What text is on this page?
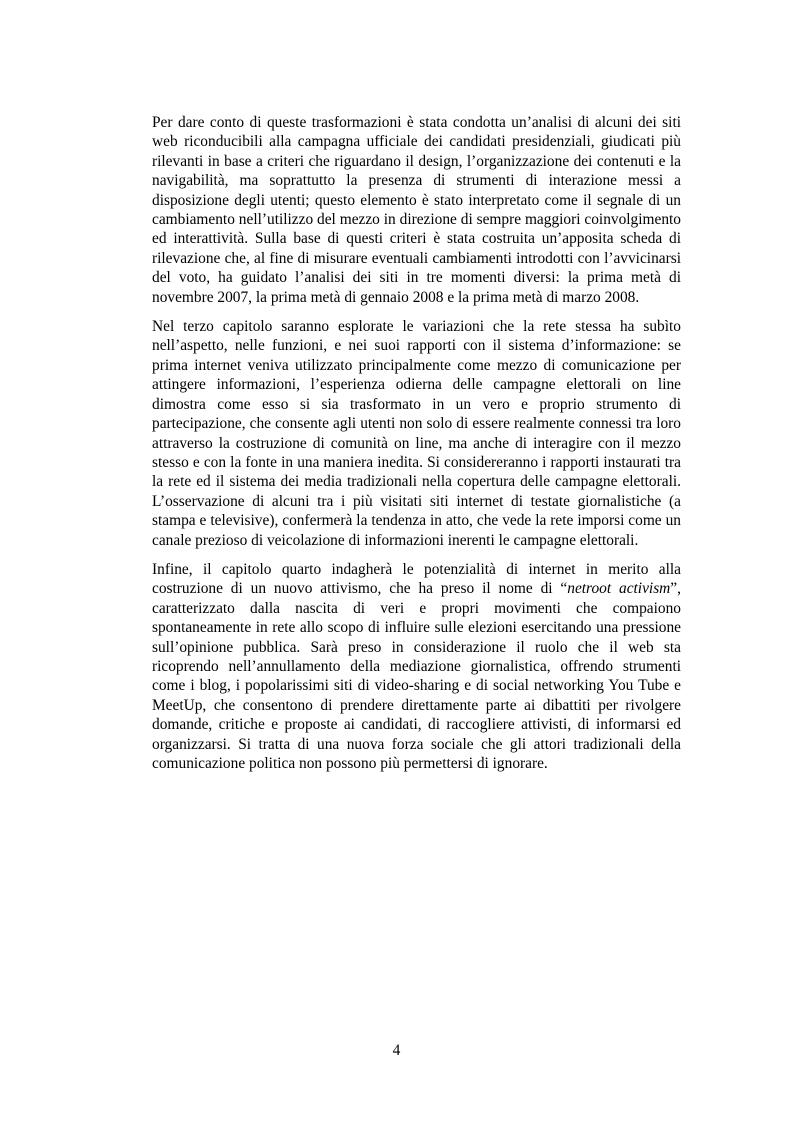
Per dare conto di queste trasformazioni è stata condotta un’analisi di alcuni dei siti web riconducibili alla campagna ufficiale dei candidati presidenziali, giudicati più rilevanti in base a criteri che riguardano il design, l’organizzazione dei contenuti e la navigabilità, ma soprattutto la presenza di strumenti di interazione messi a disposizione degli utenti; questo elemento è stato interpretato come il segnale di un cambiamento nell’utilizzo del mezzo in direzione di sempre maggiori coinvolgimento ed interattività. Sulla base di questi criteri è stata costruita un’apposita scheda di rilevazione che, al fine di misurare eventuali cambiamenti introdotti con l’avvicinarsi del voto, ha guidato l’analisi dei siti in tre momenti diversi: la prima metà di novembre 2007, la prima metà di gennaio 2008 e la prima metà di marzo 2008.

Nel terzo capitolo saranno esplorate le variazioni che la rete stessa ha subìto nell’aspetto, nelle funzioni, e nei suoi rapporti con il sistema d’informazione: se prima internet veniva utilizzato principalmente come mezzo di comunicazione per attingere informazioni, l’esperienza odierna delle campagne elettorali on line dimostra come esso si sia trasformato in un vero e proprio strumento di partecipazione, che consente agli utenti non solo di essere realmente connessi tra loro attraverso la costruzione di comunità on line, ma anche di interagire con il mezzo stesso e con la fonte in una maniera inedita. Si considereranno i rapporti instaurati tra la rete ed il sistema dei media tradizionali nella copertura delle campagne elettorali. L’osservazione di alcuni tra i più visitati siti internet di testate giornalistiche (a stampa e televisive), confermerà la tendenza in atto, che vede la rete imporsi come un canale prezioso di veicolazione di informazioni inerenti le campagne elettorali.

Infine, il capitolo quarto indagherà le potenzialità di internet in merito alla costruzione di un nuovo attivismo, che ha preso il nome di “netroot activism”, caratterizzato dalla nascita di veri e propri movimenti che compaiono spontaneamente in rete allo scopo di influire sulle elezioni esercitando una pressione sull’opinione pubblica. Sarà preso in considerazione il ruolo che il web sta ricoprendo nell’annullamento della mediazione giornalistica, offrendo strumenti come i blog, i popolarissimi siti di video-sharing e di social networking You Tube e MeetUp, che consentono di prendere direttamente parte ai dibattiti per rivolgere domande, critiche e proposte ai candidati, di raccogliere attivisti, di informarsi ed organizzarsi. Si tratta di una nuova forza sociale che gli attori tradizionali della comunicazione politica non possono più permettersi di ignorare.

4
